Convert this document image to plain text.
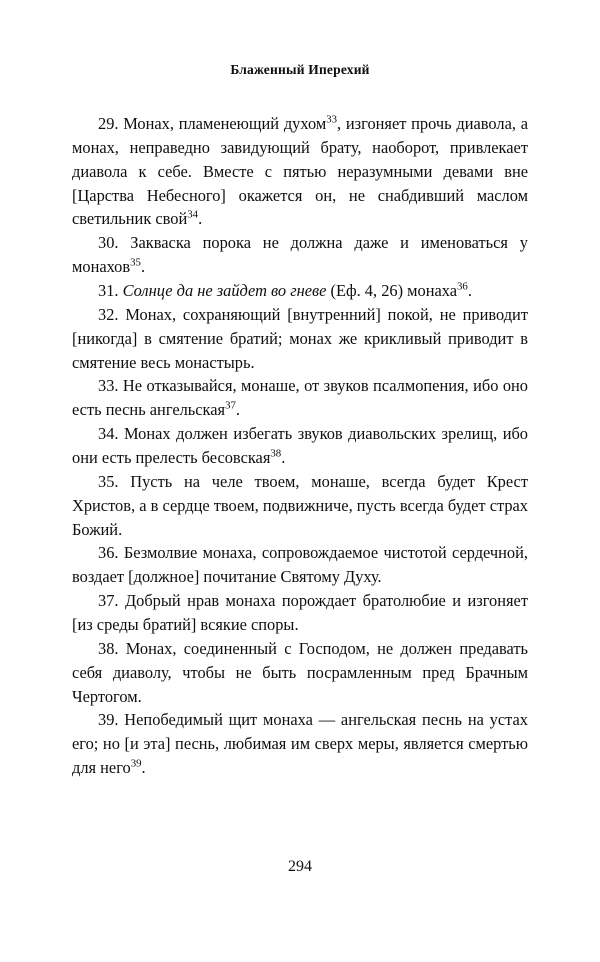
Блаженный Иперехий
29. Монах, пламенеющий духом$^{33}$, изгоняет прочь диавола, а монах, неправедно завидующий брату, наоборот, привлекает диавола к себе. Вместе с пятью неразумными девами вне [Царства Небесного] окажется он, не снабдивший маслом светильник свой$^{34}$.
30. Закваска порока не должна даже и именоваться у монахов$^{35}$.
31. Солнце да не зайдет во гневе (Еф. 4, 26) монаха$^{36}$.
32. Монах, сохраняющий [внутренний] покой, не приводит [никогда] в смятение братий; монах же крикливый приводит в смятение весь монастырь.
33. Не отказывайся, монаше, от звуков псалмопения, ибо оно есть песнь ангельская$^{37}$.
34. Монах должен избегать звуков диавольских зрелищ, ибо они есть прелесть бесовская$^{38}$.
35. Пусть на челе твоем, монаше, всегда будет Крест Христов, а в сердце твоем, подвижниче, пусть всегда будет страх Божий.
36. Безмолвие монаха, сопровождаемое чистотой сердечной, воздает [должное] почитание Святому Духу.
37. Добрый нрав монаха порождает братолюбие и изгоняет [из среды братий] всякие споры.
38. Монах, соединенный с Господом, не должен предавать себя диаволу, чтобы не быть посрамленным пред Брачным Чертогом.
39. Непобедимый щит монаха — ангельская песнь на устах его; но [и эта] песнь, любимая им сверх меры, является смертью для него$^{39}$.
294
